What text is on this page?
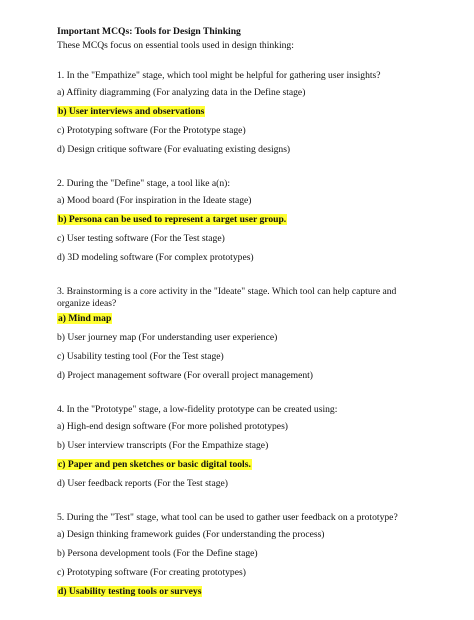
Important MCQs: Tools for Design Thinking
These MCQs focus on essential tools used in design thinking:
1. In the "Empathize" stage, which tool might be helpful for gathering user insights?
a) Affinity diagramming (For analyzing data in the Define stage)
b) User interviews and observations
c) Prototyping software (For the Prototype stage)
d) Design critique software (For evaluating existing designs)
2. During the "Define" stage, a tool like a(n):
a) Mood board (For inspiration in the Ideate stage)
b) Persona can be used to represent a target user group.
c) User testing software (For the Test stage)
d) 3D modeling software (For complex prototypes)
3. Brainstorming is a core activity in the "Ideate" stage. Which tool can help capture and organize ideas?
a) Mind map
b) User journey map (For understanding user experience)
c) Usability testing tool (For the Test stage)
d) Project management software (For overall project management)
4. In the "Prototype" stage, a low-fidelity prototype can be created using:
a) High-end design software (For more polished prototypes)
b) User interview transcripts (For the Empathize stage)
c) Paper and pen sketches or basic digital tools.
d) User feedback reports (For the Test stage)
5. During the "Test" stage, what tool can be used to gather user feedback on a prototype?
a) Design thinking framework guides (For understanding the process)
b) Persona development tools (For the Define stage)
c) Prototyping software (For creating prototypes)
d) Usability testing tools or surveys
